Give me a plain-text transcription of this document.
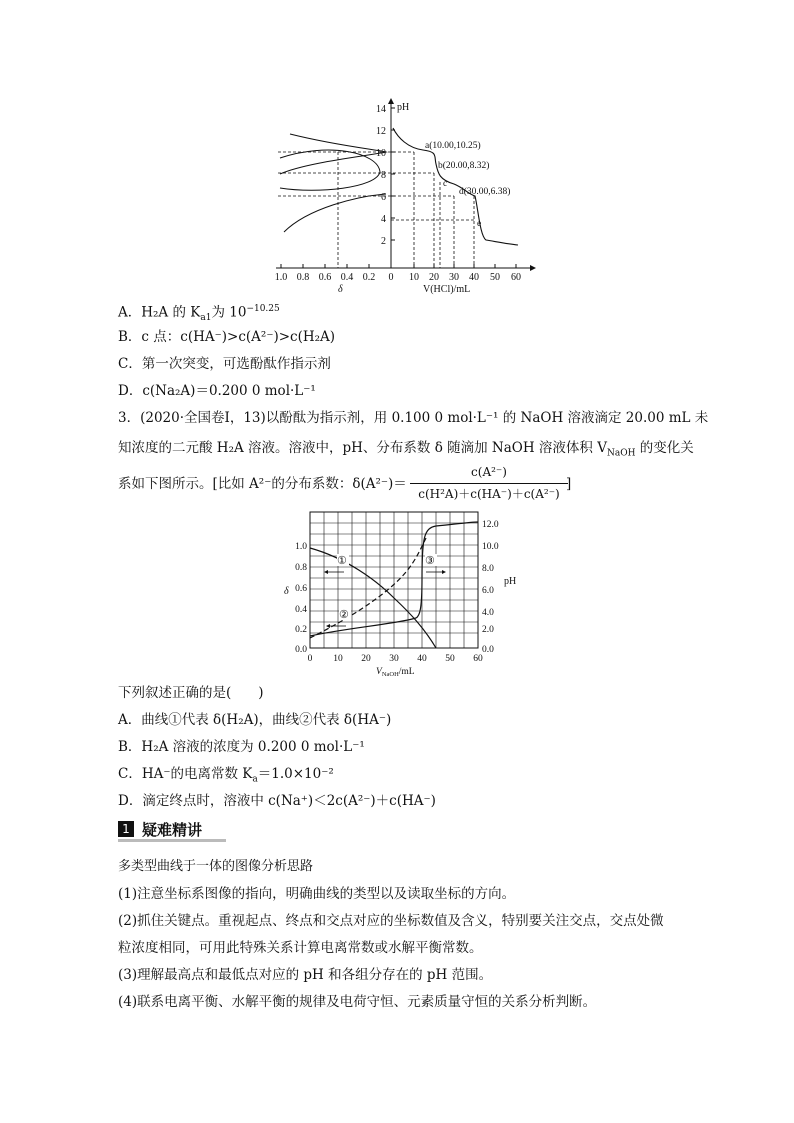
14
12
10
8
6
4
2
pH
1.0 0.8 0.6 0.4 0.2 0 10 20 30 40 50 60
δ	V(HCl)/mL
a(10.00,10.25)
b(20.00,8.32)
c
d(30.00,6.38)
e
A．H₂A 的 $K_{a1}$为 $10^{-10.25}$
B．c 点：c(HA⁻)>c(A²⁻)>c(H₂A)
C．第一次突变，可选酚酞作指示剂
D．c(Na₂A)＝0.200 0 mol·L⁻¹
3．(2020·全国卷Ⅰ，13)以酚酞为指示剂，用 0.100 0 mol·L⁻¹ 的 NaOH 溶液滴定 20.00 mL 未
知浓度的二元酸 H₂A 溶液。溶液中，pH、分布系数 δ 随滴加 NaOH 溶液体积 $V_{NaOH}$ 的变化关
系如下图所示。[比如 A²⁻的分布系数：δ(A²⁻)＝
c(A²⁻)
c(H²A)＋c(HA⁻)＋c(A²⁻)
]
1.0
0.8
0.6
0.4
0.2
0.0
δ
12.0
10.0
8.0
6.0
4.0
2.0
0.0
pH
0 10 20 30 40 50 60
$V_{NaOH}/mL$
①
②
③
下列叙述正确的是(　　)
A．曲线①代表 δ(H₂A)，曲线②代表 δ(HA⁻)
B．H₂A 溶液的浓度为 0.200 0 mol·L⁻¹
C．HA⁻的电离常数 $K_a=1.0\times 10^{-2}$
D．滴定终点时，溶液中 c(Na⁺)＜2c(A²⁻)＋c(HA⁻)
1 疑难精讲
多类型曲线于一体的图像分析思路
(1)注意坐标系图像的指向，明确曲线的类型以及读取坐标的方向。
(2)抓住关键点。重视起点、终点和交点对应的坐标数值及含义，特别要关注交点，交点处微
粒浓度相同，可用此特殊关系计算电离常数或水解平衡常数。
(3)理解最高点和最低点对应的 pH 和各组分存在的 pH 范围。
(4)联系电离平衡、水解平衡的规律及电荷守恒、元素质量守恒的关系分析判断。
